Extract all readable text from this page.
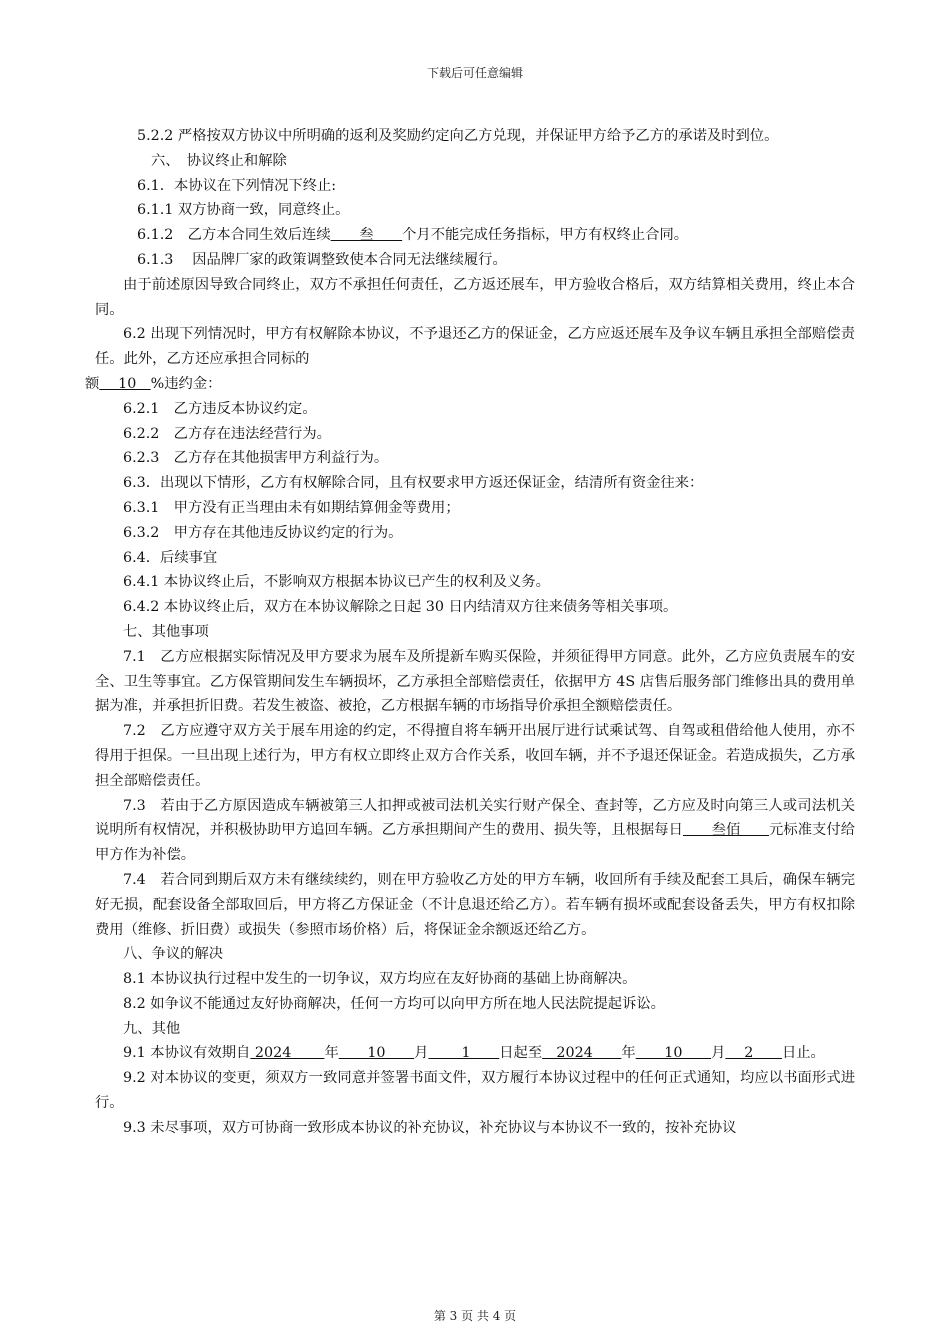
下载后可任意编辑

5.2.2 严格按双方协议中所明确的返利及奖励约定向乙方兑现，并保证甲方给予乙方的承诺及时到位。

六、　协议终止和解除

6.1．本协议在下列情况下终止:

6.1.1 双方协商一致，同意终止。

6.1.2　乙方本合同生效后连续　　叁　　个月不能完成任务指标，甲方有权终止合同。

6.1.3　 因品牌厂家的政策调整致使本合同无法继续履行。

由于前述原因导致合同终止，双方不承担任何责任，乙方返还展车，甲方验收合格后，双方结算相关费用，终止本合同。

6.2 出现下列情况时，甲方有权解除本协议，不予退还乙方的保证金，乙方应返还展车及争议车辆且承担全部赔偿责任。此外，乙方还应承担合同标的

额　 10　%违约金：

6.2.1　乙方违反本协议约定。

6.2.2　乙方存在违法经营行为。

6.2.3　乙方存在其他损害甲方利益行为。

6.3．出现以下情形，乙方有权解除合同，且有权要求甲方返还保证金，结清所有资金往来：

6.3.1　甲方没有正当理由未有如期结算佣金等费用；

6.3.2　甲方存在其他违反协议约定的行为。

6.4．后续事宜

6.4.1 本协议终止后，不影响双方根据本协议已产生的权利及义务。

6.4.2 本协议终止后，双方在本协议解除之日起 30 日内结清双方往来债务等相关事项。

七、其他事项

7.1　乙方应根据实际情况及甲方要求为展车及所提新车购买保险，并须征得甲方同意。此外，乙方应负责展车的安全、卫生等事宜。乙方保管期间发生车辆损坏，乙方承担全部赔偿责任，依据甲方 4S 店售后服务部门维修出具的费用单据为准，并承担折旧费。若发生被盗、被抢，乙方根据车辆的市场指导价承担全额赔偿责任。

7.2　乙方应遵守双方关于展车用途的约定，不得擅自将车辆开出展厅进行试乘试驾、自驾或租借给他人使用，亦不得用于担保。一旦出现上述行为，甲方有权立即终止双方合作关系，收回车辆，并不予退还保证金。若造成损失，乙方承担全部赔偿责任。

7.3　若由于乙方原因造成车辆被第三人扣押或被司法机关实行财产保全、查封等，乙方应及时向第三人或司法机关说明所有权情况，并积极协助甲方追回车辆。乙方承担期间产生的费用、损失等，且根据每日　　叁佰　　元标准支付给甲方作为补偿。

7.4　若合同到期后双方未有继续续约，则在甲方验收乙方处的甲方车辆，收回所有手续及配套工具后，确保车辆完好无损，配套设备全部取回后，甲方将乙方保证金（不计息退还给乙方）。若车辆有损坏或配套设备丢失，甲方有权扣除费用（维修、折旧费）或损失（参照市场价格）后，将保证金余额返还给乙方。

八、争议的解决

8.1 本协议执行过程中发生的一切争议，双方均应在友好协商的基础上协商解决。

8.2 如争议不能通过友好协商解决，任何一方均可以向甲方所在地人民法院提起诉讼。

九、其他

9.1 本协议有效期自 2024　　 年　　10　　月　　 1　　日起至　2024　　年　　10　　月　 2　　日止。

9.2 对本协议的变更，须双方一致同意并签署书面文件，双方履行本协议过程中的任何正式通知，均应以书面形式进行。

9.3 未尽事项，双方可协商一致形成本协议的补充协议，补充协议与本协议不一致的，按补充协议

第 3 页 共 4 页
